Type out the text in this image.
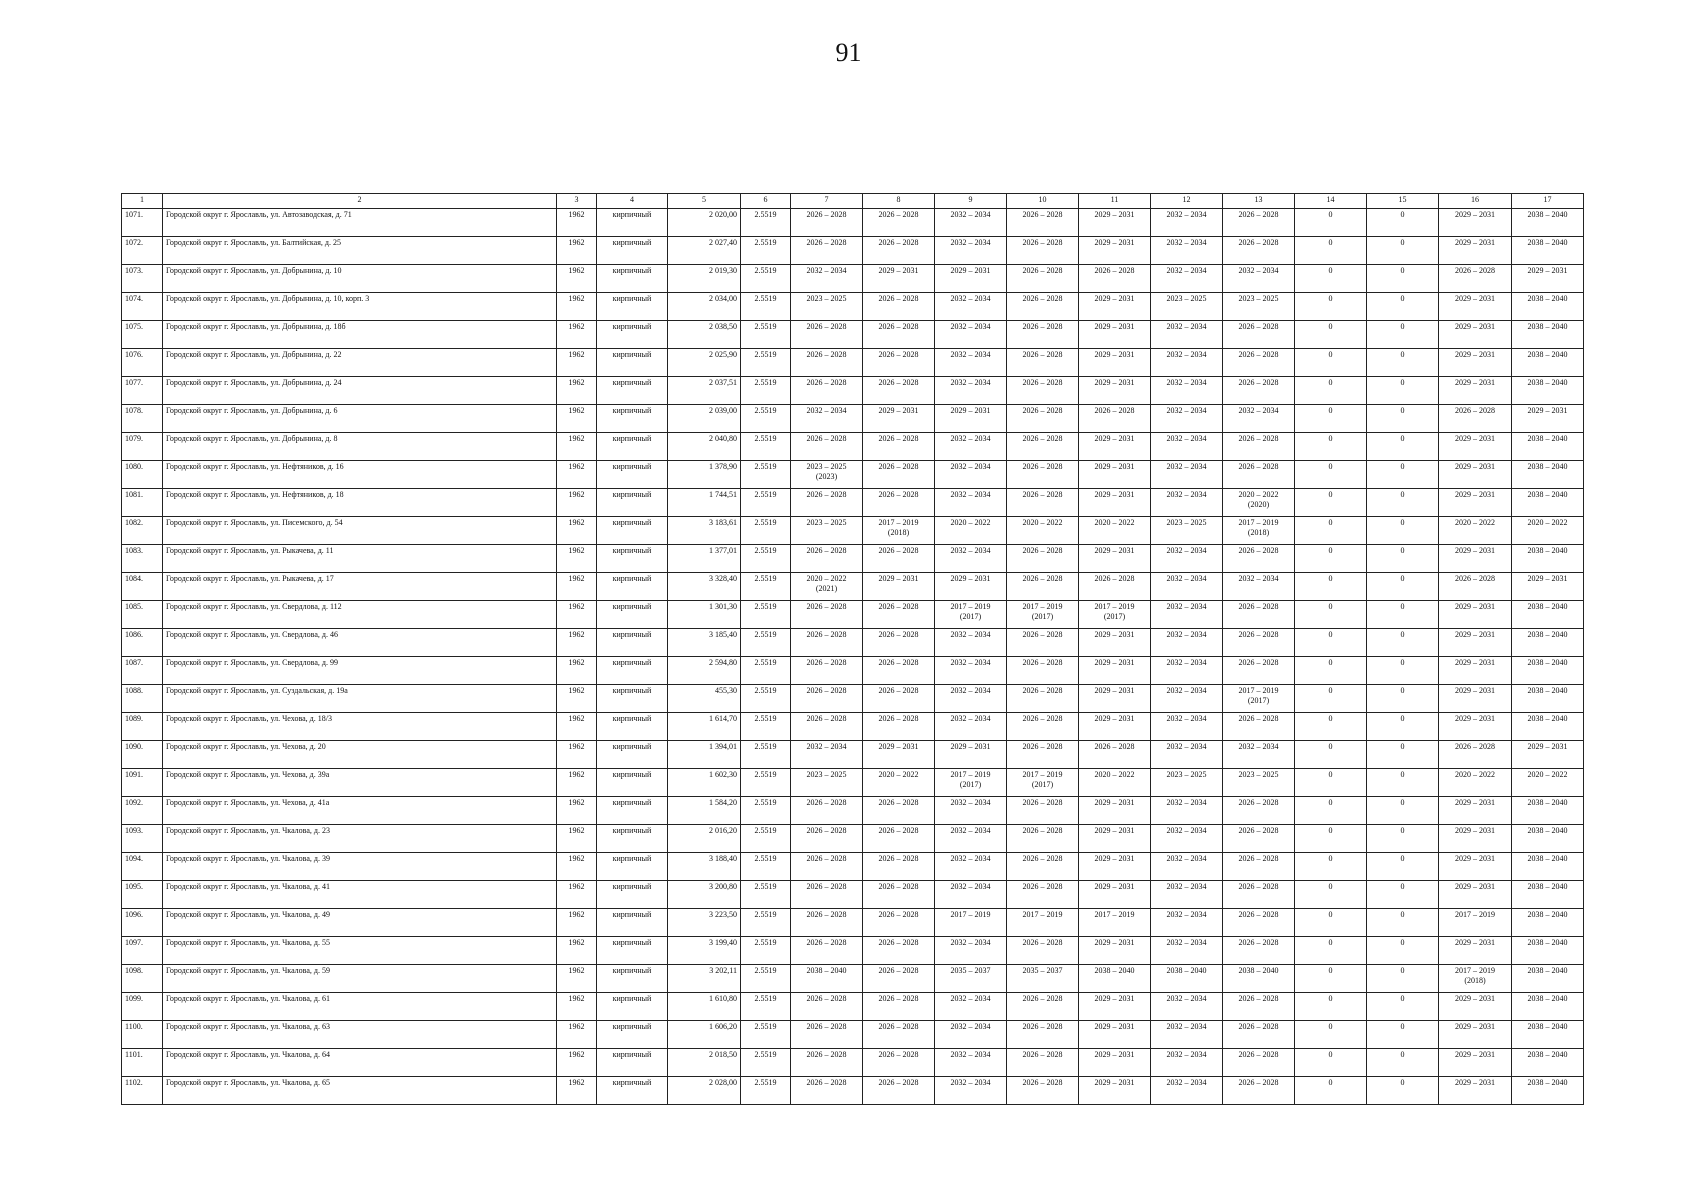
91
1	2	3	4	5	6	7	8	9	10	11	12	13	14	15	16	17

1071.	Городской округ г. Ярославль, ул. Автозаводская, д. 71	1962	кирпичный	2 020,00	2.5519	2026 – 2028	2026 – 2028	2032 – 2034	2026 – 2028	2029 – 2031	2032 – 2034	2026 – 2028	0	0	2029 – 2031	2038 – 2040

1072.	Городской округ г. Ярославль, ул. Балтийская, д. 25	1962	кирпичный	2 027,40	2.5519	2026 – 2028	2026 – 2028	2032 – 2034	2026 – 2028	2029 – 2031	2032 – 2034	2026 – 2028	0	0	2029 – 2031	2038 – 2040

1073.	Городской округ г. Ярославль, ул. Добрынина, д. 10	1962	кирпичный	2 019,30	2.5519	2032 – 2034	2029 – 2031	2029 – 2031	2026 – 2028	2026 – 2028	2032 – 2034	2032 – 2034	0	0	2026 – 2028	2029 – 2031

1074.	Городской округ г. Ярославль, ул. Добрынина, д. 10, корп. 3	1962	кирпичный	2 034,00	2.5519	2023 – 2025	2026 – 2028	2032 – 2034	2026 – 2028	2029 – 2031	2023 – 2025	2023 – 2025	0	0	2029 – 2031	2038 – 2040

1075.	Городской округ г. Ярославль, ул. Добрынина, д. 18б	1962	кирпичный	2 038,50	2.5519	2026 – 2028	2026 – 2028	2032 – 2034	2026 – 2028	2029 – 2031	2032 – 2034	2026 – 2028	0	0	2029 – 2031	2038 – 2040

1076.	Городской округ г. Ярославль, ул. Добрынина, д. 22	1962	кирпичный	2 025,90	2.5519	2026 – 2028	2026 – 2028	2032 – 2034	2026 – 2028	2029 – 2031	2032 – 2034	2026 – 2028	0	0	2029 – 2031	2038 – 2040

1077.	Городской округ г. Ярославль, ул. Добрынина, д. 24	1962	кирпичный	2 037,51	2.5519	2026 – 2028	2026 – 2028	2032 – 2034	2026 – 2028	2029 – 2031	2032 – 2034	2026 – 2028	0	0	2029 – 2031	2038 – 2040

1078.	Городской округ г. Ярославль, ул. Добрынина, д. 6	1962	кирпичный	2 039,00	2.5519	2032 – 2034	2029 – 2031	2029 – 2031	2026 – 2028	2026 – 2028	2032 – 2034	2032 – 2034	0	0	2026 – 2028	2029 – 2031

1079.	Городской округ г. Ярославль, ул. Добрынина, д. 8	1962	кирпичный	2 040,80	2.5519	2026 – 2028	2026 – 2028	2032 – 2034	2026 – 2028	2029 – 2031	2032 – 2034	2026 – 2028	0	0	2029 – 2031	2038 – 2040

1080.	Городской округ г. Ярославль, ул. Нефтяников, д. 16	1962	кирпичный	1 378,90	2.5519	2023 – 2025
(2023)	2026 – 2028	2032 – 2034	2026 – 2028	2029 – 2031	2032 – 2034	2026 – 2028	0	0	2029 – 2031	2038 – 2040

1081.	Городской округ г. Ярославль, ул. Нефтяников, д. 18	1962	кирпичный	1 744,51	2.5519	2026 – 2028	2026 – 2028	2032 – 2034	2026 – 2028	2029 – 2031	2032 – 2034	2020 – 2022
(2020)	0	0	2029 – 2031	2038 – 2040

1082.	Городской округ г. Ярославль, ул. Писемского, д. 54	1962	кирпичный	3 183,61	2.5519	2023 – 2025	2017 – 2019
(2018)	2020 – 2022	2020 – 2022	2020 – 2022	2023 – 2025	2017 – 2019
(2018)	0	0	2020 – 2022	2020 – 2022

1083.	Городской округ г. Ярославль, ул. Рыкачева, д. 11	1962	кирпичный	1 377,01	2.5519	2026 – 2028	2026 – 2028	2032 – 2034	2026 – 2028	2029 – 2031	2032 – 2034	2026 – 2028	0	0	2029 – 2031	2038 – 2040

1084.	Городской округ г. Ярославль, ул. Рыкачева, д. 17	1962	кирпичный	3 328,40	2.5519	2020 – 2022
(2021)	2029 – 2031	2029 – 2031	2026 – 2028	2026 – 2028	2032 – 2034	2032 – 2034	0	0	2026 – 2028	2029 – 2031

1085.	Городской округ г. Ярославль, ул. Свердлова, д. 112	1962	кирпичный	1 301,30	2.5519	2026 – 2028	2026 – 2028	2017 – 2019
(2017)	2017 – 2019
(2017)	2017 – 2019
(2017)	2032 – 2034	2026 – 2028	0	0	2029 – 2031	2038 – 2040

1086.	Городской округ г. Ярославль, ул. Свердлова, д. 46	1962	кирпичный	3 185,40	2.5519	2026 – 2028	2026 – 2028	2032 – 2034	2026 – 2028	2029 – 2031	2032 – 2034	2026 – 2028	0	0	2029 – 2031	2038 – 2040

1087.	Городской округ г. Ярославль, ул. Свердлова, д. 99	1962	кирпичный	2 594,80	2.5519	2026 – 2028	2026 – 2028	2032 – 2034	2026 – 2028	2029 – 2031	2032 – 2034	2026 – 2028	0	0	2029 – 2031	2038 – 2040

1088.	Городской округ г. Ярославль, ул. Суздальская, д. 19а	1962	кирпичный	455,30	2.5519	2026 – 2028	2026 – 2028	2032 – 2034	2026 – 2028	2029 – 2031	2032 – 2034	2017 – 2019
(2017)	0	0	2029 – 2031	2038 – 2040

1089.	Городской округ г. Ярославль, ул. Чехова, д. 18/3	1962	кирпичный	1 614,70	2.5519	2026 – 2028	2026 – 2028	2032 – 2034	2026 – 2028	2029 – 2031	2032 – 2034	2026 – 2028	0	0	2029 – 2031	2038 – 2040

1090.	Городской округ г. Ярославль, ул. Чехова, д. 20	1962	кирпичный	1 394,01	2.5519	2032 – 2034	2029 – 2031	2029 – 2031	2026 – 2028	2026 – 2028	2032 – 2034	2032 – 2034	0	0	2026 – 2028	2029 – 2031

1091.	Городской округ г. Ярославль, ул. Чехова, д. 39а	1962	кирпичный	1 602,30	2.5519	2023 – 2025	2020 – 2022	2017 – 2019
(2017)	2017 – 2019
(2017)	2020 – 2022	2023 – 2025	2023 – 2025	0	0	2020 – 2022	2020 – 2022

1092.	Городской округ г. Ярославль, ул. Чехова, д. 41а	1962	кирпичный	1 584,20	2.5519	2026 – 2028	2026 – 2028	2032 – 2034	2026 – 2028	2029 – 2031	2032 – 2034	2026 – 2028	0	0	2029 – 2031	2038 – 2040

1093.	Городской округ г. Ярославль, ул. Чкалова, д. 23	1962	кирпичный	2 016,20	2.5519	2026 – 2028	2026 – 2028	2032 – 2034	2026 – 2028	2029 – 2031	2032 – 2034	2026 – 2028	0	0	2029 – 2031	2038 – 2040

1094.	Городской округ г. Ярославль, ул. Чкалова, д. 39	1962	кирпичный	3 188,40	2.5519	2026 – 2028	2026 – 2028	2032 – 2034	2026 – 2028	2029 – 2031	2032 – 2034	2026 – 2028	0	0	2029 – 2031	2038 – 2040

1095.	Городской округ г. Ярославль, ул. Чкалова, д. 41	1962	кирпичный	3 200,80	2.5519	2026 – 2028	2026 – 2028	2032 – 2034	2026 – 2028	2029 – 2031	2032 – 2034	2026 – 2028	0	0	2029 – 2031	2038 – 2040

1096.	Городской округ г. Ярославль, ул. Чкалова, д. 49	1962	кирпичный	3 223,50	2.5519	2026 – 2028	2026 – 2028	2017 – 2019	2017 – 2019	2017 – 2019	2032 – 2034	2026 – 2028	0	0	2017 – 2019	2038 – 2040

1097.	Городской округ г. Ярославль, ул. Чкалова, д. 55	1962	кирпичный	3 199,40	2.5519	2026 – 2028	2026 – 2028	2032 – 2034	2026 – 2028	2029 – 2031	2032 – 2034	2026 – 2028	0	0	2029 – 2031	2038 – 2040

1098.	Городской округ г. Ярославль, ул. Чкалова, д. 59	1962	кирпичный	3 202,11	2.5519	2038 – 2040	2026 – 2028	2035 – 2037	2035 – 2037	2038 – 2040	2038 – 2040	2038 – 2040	0	0	2017 – 2019
(2018)	2038 – 2040

1099.	Городской округ г. Ярославль, ул. Чкалова, д. 61	1962	кирпичный	1 610,80	2.5519	2026 – 2028	2026 – 2028	2032 – 2034	2026 – 2028	2029 – 2031	2032 – 2034	2026 – 2028	0	0	2029 – 2031	2038 – 2040

1100.	Городской округ г. Ярославль, ул. Чкалова, д. 63	1962	кирпичный	1 606,20	2.5519	2026 – 2028	2026 – 2028	2032 – 2034	2026 – 2028	2029 – 2031	2032 – 2034	2026 – 2028	0	0	2029 – 2031	2038 – 2040

1101.	Городской округ г. Ярославль, ул. Чкалова, д. 64	1962	кирпичный	2 018,50	2.5519	2026 – 2028	2026 – 2028	2032 – 2034	2026 – 2028	2029 – 2031	2032 – 2034	2026 – 2028	0	0	2029 – 2031	2038 – 2040

1102.	Городской округ г. Ярославль, ул. Чкалова, д. 65	1962	кирпичный	2 028,00	2.5519	2026 – 2028	2026 – 2028	2032 – 2034	2026 – 2028	2029 – 2031	2032 – 2034	2026 – 2028	0	0	2029 – 2031	2038 – 2040
